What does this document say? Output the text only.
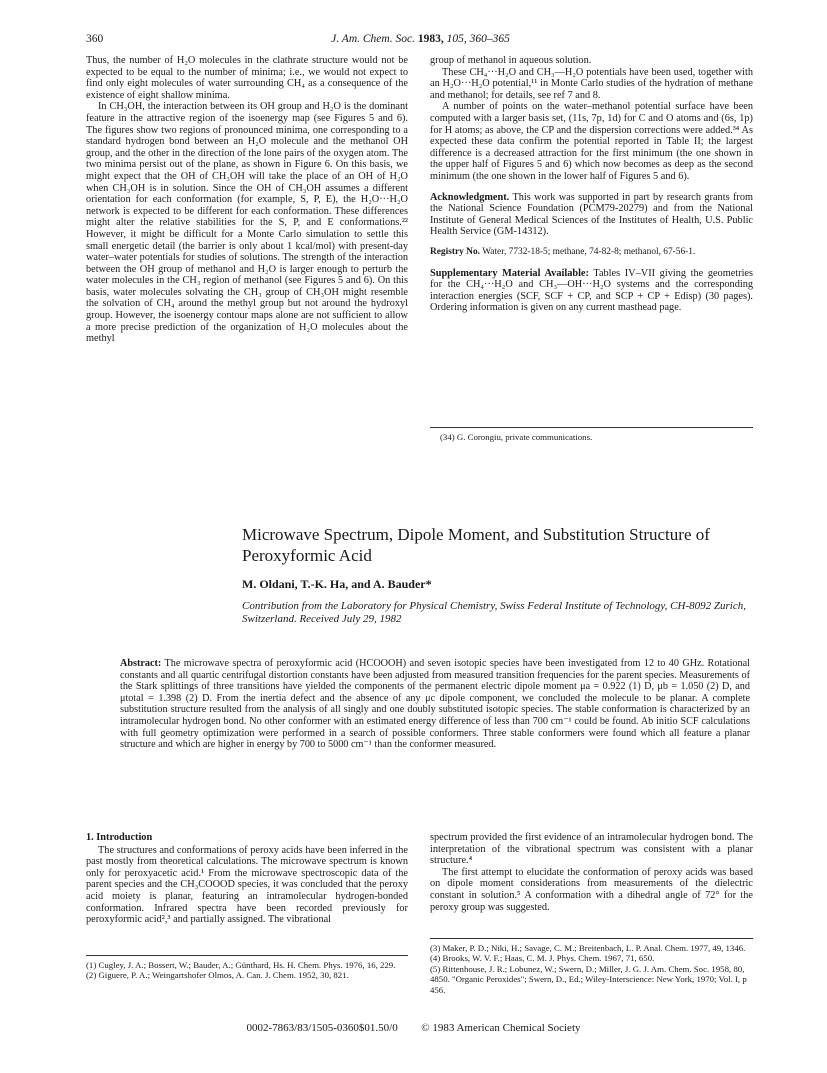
360	J. Am. Chem. Soc. 1983, 105, 360–365

Thus, the number of H₂O molecules in the clathrate structure would not be expected to be equal to the number of minima; i.e., we would not expect to find only eight molecules of water surrounding CH₄ as a consequence of the existence of eight shallow minima.

In CH₃OH, the interaction between its OH group and H₂O is the dominant feature in the attractive region of the isoenergy map (see Figures 5 and 6). The figures show two regions of pronounced minima, one corresponding to a standard hydrogen bond between an H₂O molecule and the methanol OH group, and the other in the direction of the lone pairs of the oxygen atom. The two minima persist out of the plane, as shown in Figure 6. On this basis, we might expect that the OH of CH₃OH will take the place of an OH of H₂O when CH₃OH is in solution. Since the OH of CH₃OH assumes a different orientation for each conformation (for example, S, P, E), the H₂O···H₂O network is expected to be different for each conformation. These differences might alter the relative stabilities for the S, P, and E conformations.²² However, it might be difficult for a Monte Carlo simulation to settle this small energetic detail (the barrier is only about 1 kcal/mol) with present-day water–water potentials for studies of solutions. The strength of the interaction between the OH group of methanol and H₂O is larger enough to perturb the water molecules in the CH₃ region of methanol (see Figures 5 and 6). On this basis, water molecules solvating the CH₃ group of CH₃OH might resemble the solvation of CH₄ around the methyl group but not around the hydroxyl group. However, the isoenergy contour maps alone are not sufficient to allow a more precise prediction of the organization of H₂O molecules about the methyl

group of methanol in aqueous solution.

These CH₄···H₂O and CH₃—H₂O potentials have been used, together with an H₂O···H₂O potential,¹¹ in Monte Carlo studies of the hydration of methane and methanol; for details, see ref 7 and 8.

A number of points on the water–methanol potential surface have been computed with a larger basis set, (11s, 7p, 1d) for C and O atoms and (6s, 1p) for H atoms; as above, the CP and the dispersion corrections were added.³⁴ As expected these data confirm the potential reported in Table II; the largest difference is a decreased attraction for the first minimum (the one shown in the upper half of Figures 5 and 6) which now becomes as deep as the second minimum (the one shown in the lower half of Figures 5 and 6).

Acknowledgment. This work was supported in part by research grants from the National Science Foundation (PCM79-20279) and from the National Institute of General Medical Sciences of the Institutes of Health, U.S. Public Health Service (GM-14312).

Registry No. Water, 7732-18-5; methane, 74-82-8; methanol, 67-56-1.

Supplementary Material Available: Tables IV–VII giving the geometries for the CH₄···H₂O and CH₃—OH···H₂O systems and the corresponding interaction energies (SCF, SCF + CP, and SCP + CP + Edisp) (30 pages). Ordering information is given on any current masthead page.

(34) G. Corongiu, private communications.
Microwave Spectrum, Dipole Moment, and Substitution Structure of Peroxyformic Acid
M. Oldani, T.-K. Ha, and A. Bauder*
Contribution from the Laboratory for Physical Chemistry, Swiss Federal Institute of Technology, CH-8092 Zurich, Switzerland. Received July 29, 1982
Abstract: The microwave spectra of peroxyformic acid (HCOOOH) and seven isotopic species have been investigated from 12 to 40 GHz. Rotational constants and all quartic centrifugal distortion constants have been adjusted from measured transition frequencies for the parent species. Measurements of the Stark splittings of three transitions have yielded the components of the permanent electric dipole moment μa = 0.922 (1) D, μb = 1.050 (2) D, and μtotal = 1.398 (2) D. From the inertia defect and the absence of any μc dipole component, we concluded the molecule to be planar. A complete substitution structure resulted from the analysis of all singly and one doubly substituted isotopic species. The stable conformation is characterized by an intramolecular hydrogen bond. No other conformer with an estimated energy difference of less than 700 cm⁻¹ could be found. Ab initio SCF calculations with full geometry optimization were performed in a search of possible conformers. Three stable conformers were found which all feature a planar structure and which are higher in energy by 700 to 5000 cm⁻¹ than the conformer measured.
1. Introduction

The structures and conformations of peroxy acids have been inferred in the past mostly from theoretical calculations. The microwave spectrum is known only for peroxyacetic acid.¹ From the microwave spectroscopic data of the parent species and the CH₃COOOD species, it was concluded that the peroxy acid moiety is planar, featuring an intramolecular hydrogen-bonded conformation. Infrared spectra have been recorded previously for peroxyformic acid²,³ and partially assigned. The vibrational

spectrum provided the first evidence of an intramolecular hydrogen bond. The interpretation of the vibrational spectrum was consistent with a planar structure.⁴

The first attempt to elucidate the conformation of peroxy acids was based on dipole moment considerations from measurements of the dielectric constant in solution.⁵ A conformation with a dihedral angle of 72° for the peroxy group was suggested.

(1) Cugley, J. A.; Bossert, W.; Bauder, A.; Günthard, Hs. H. Chem. Phys. 1976, 16, 229.
(2) Giguere, P. A.; Weingartshofer Olmos, A. Can. J. Chem. 1952, 30, 821.
(3) Maker, P. D.; Niki, H.; Savage, C. M.; Breitenbach, L. P. Anal. Chem. 1977, 49, 1346.
(4) Brooks, W. V. F.; Haas, C. M. J. Phys. Chem. 1967, 71, 650.
(5) Rittenhouse, J. R.; Lobunez, W.; Swern, D.; Miller, J. G. J. Am. Chem. Soc. 1958, 80, 4850. "Organic Peroxides"; Swern, D., Ed.; Wiley-Interscience: New York, 1970; Vol. I, p 456.
0002-7863/83/1505-0360$01.50/0 © 1983 American Chemical Society
